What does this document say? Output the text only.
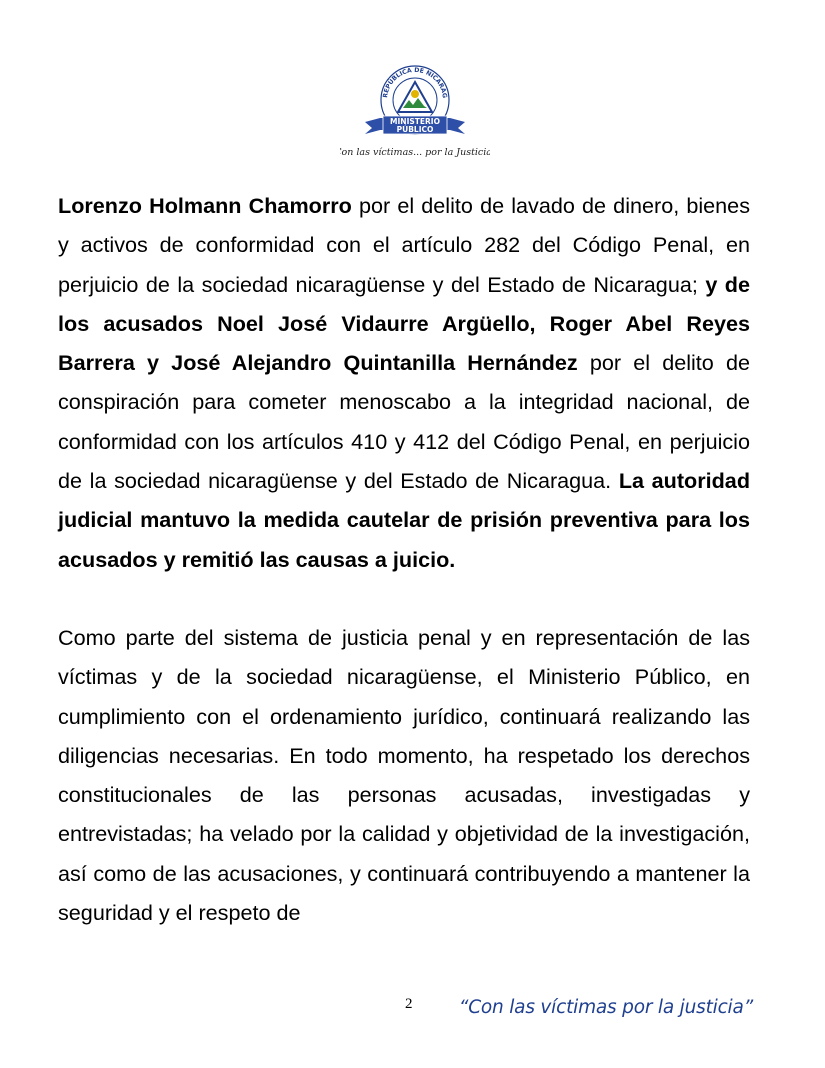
REPÚBLICA DE NICARAG
MINISTERIO
PÚBLICO
Con las víctimas... por la Justicia!

Lorenzo Holmann Chamorro por el delito de lavado de dinero, bienes y activos de conformidad con el artículo 282 del Código Penal, en perjuicio de la sociedad nicaragüense y del Estado de Nicaragua; y de los acusados Noel José Vidaurre Argüello, Roger Abel Reyes Barrera y José Alejandro Quintanilla Hernández por el delito de conspiración para cometer menoscabo a la integridad nacional, de conformidad con los artículos 410 y 412 del Código Penal, en perjuicio de la sociedad nicaragüense y del Estado de Nicaragua. La autoridad judicial mantuvo la medida cautelar de prisión preventiva para los acusados y remitió las causas a juicio.

Como parte del sistema de justicia penal y en representación de las víctimas y de la sociedad nicaragüense, el Ministerio Público, en cumplimiento con el ordenamiento jurídico, continuará realizando las diligencias necesarias. En todo momento, ha respetado los derechos constitucionales de las personas acusadas, investigadas y entrevistadas; ha velado por la calidad y objetividad de la investigación, así como de las acusaciones, y continuará contribuyendo a mantener la seguridad y el respeto de

2	“Con las víctimas por la justicia”
